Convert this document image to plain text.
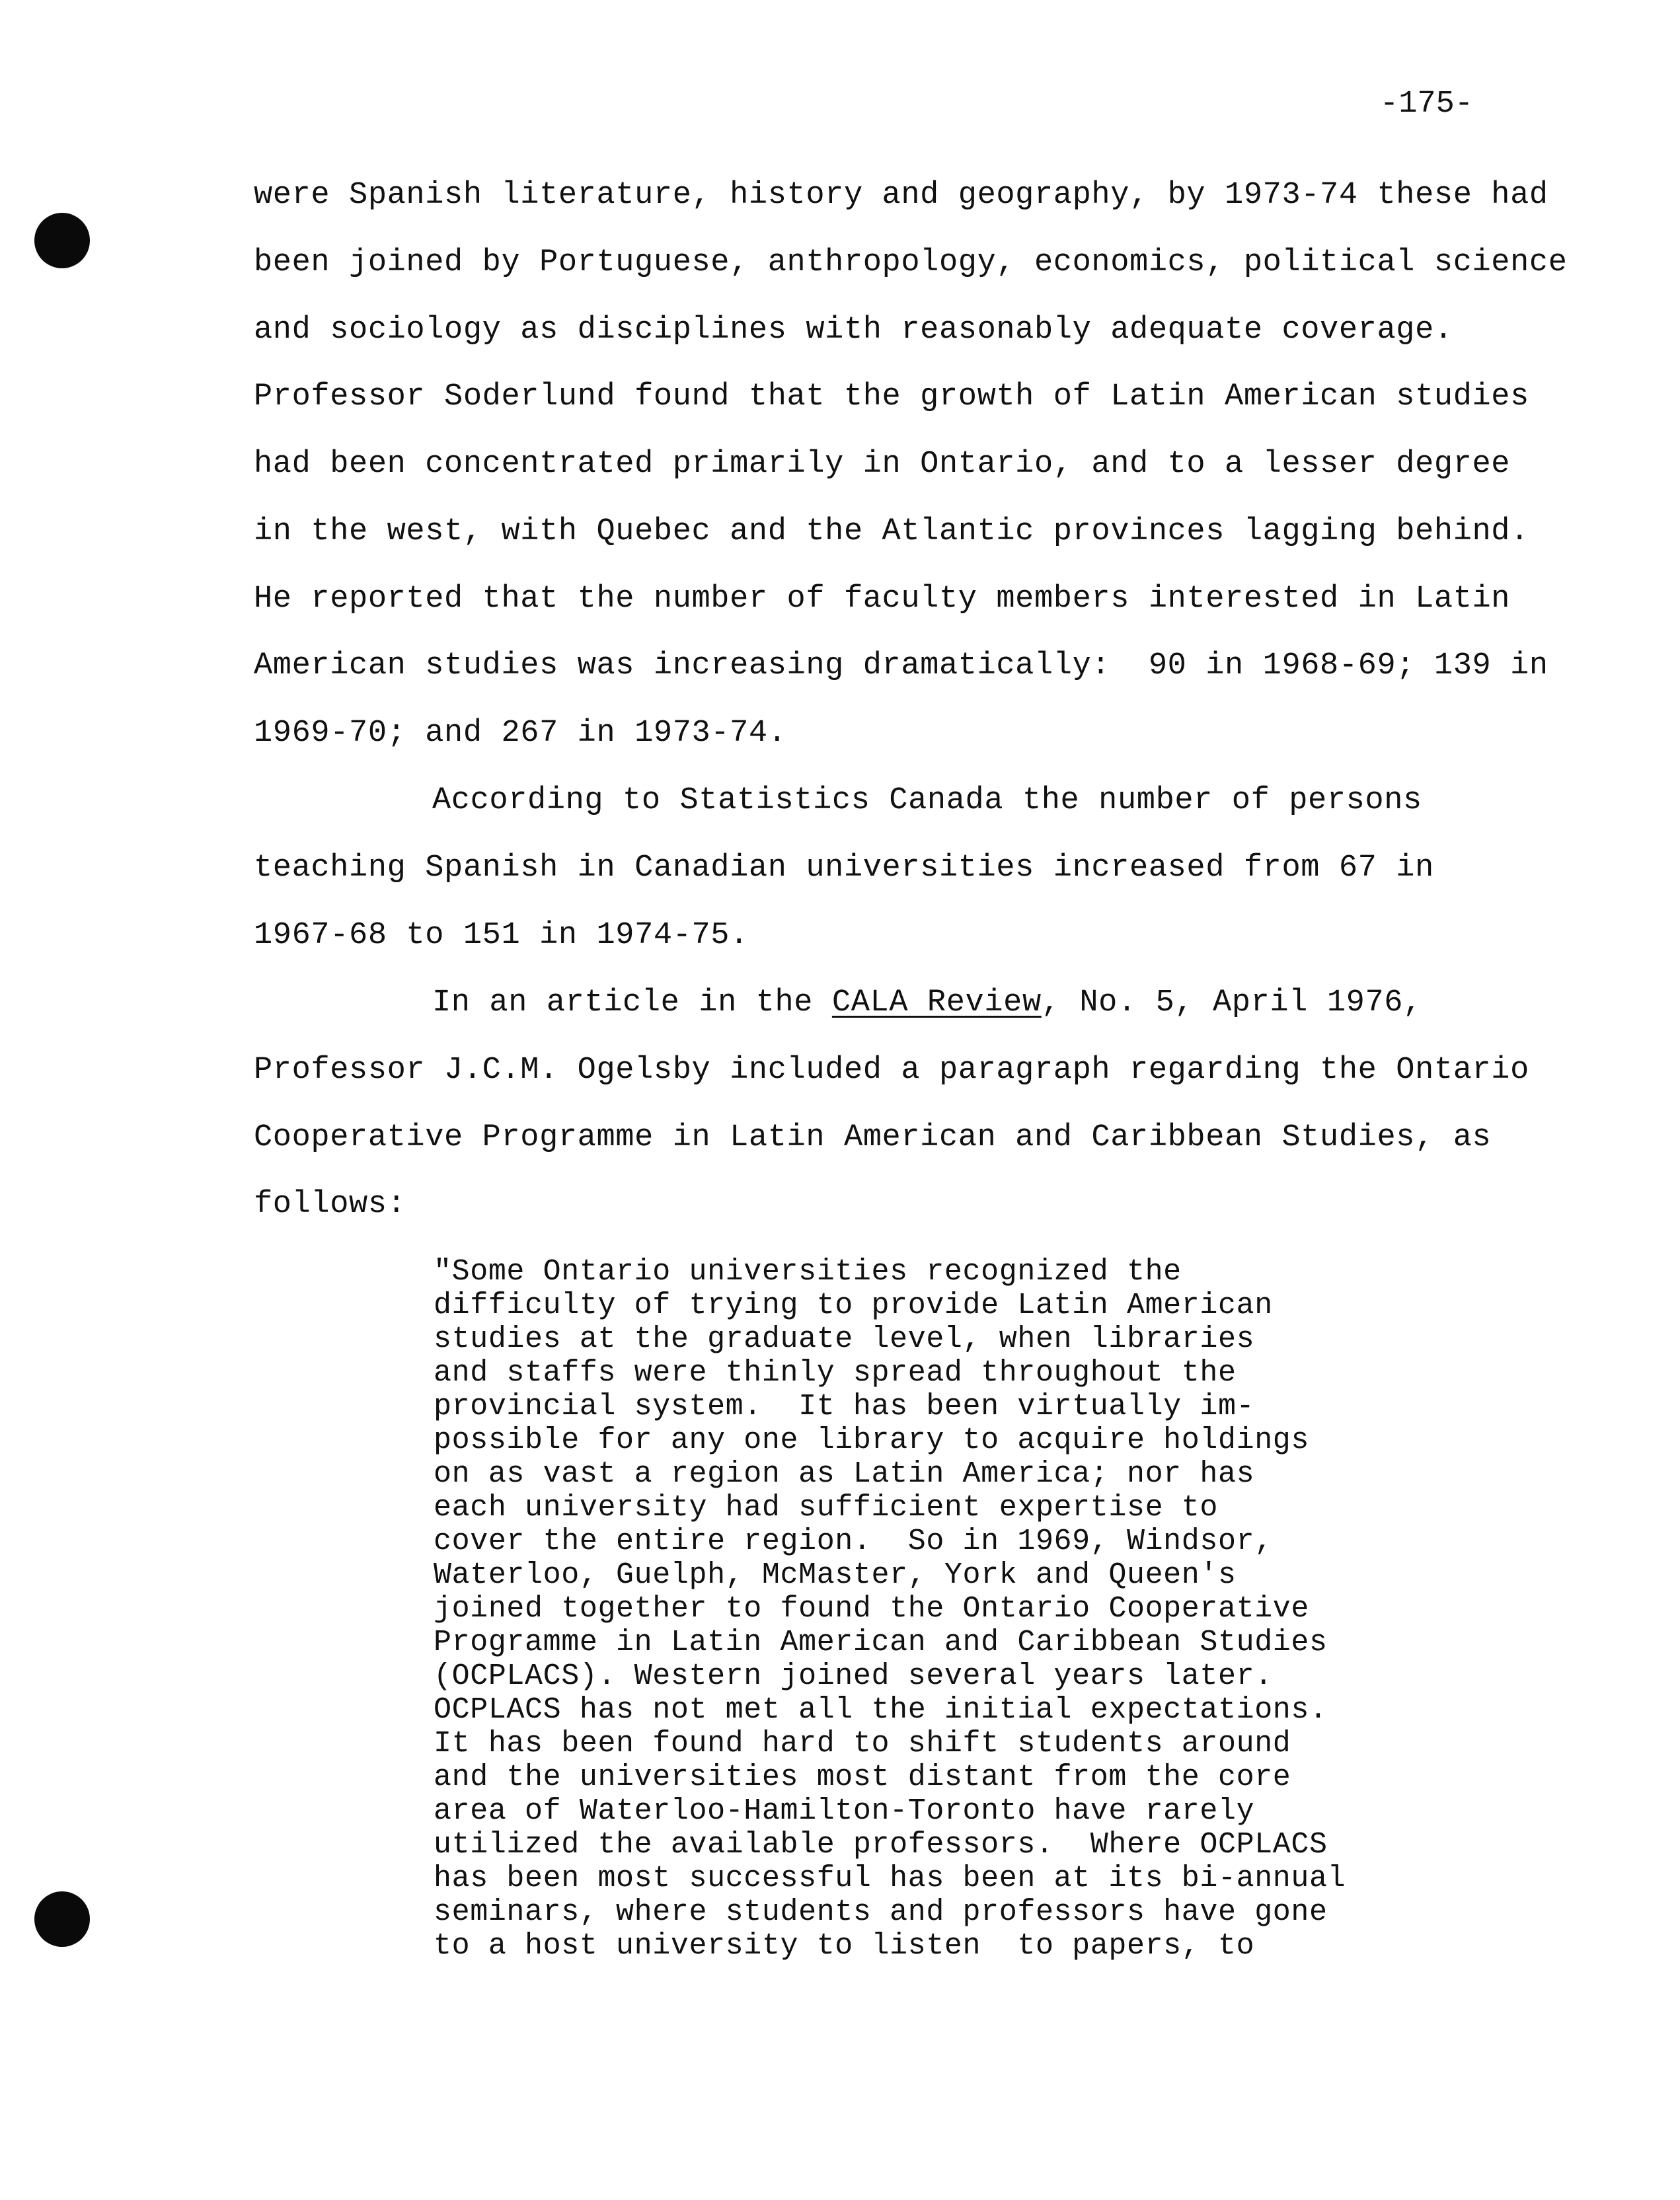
-175-
were Spanish literature, history and geography, by 1973-74 these had
been joined by Portuguese, anthropology, economics, political science
and sociology as disciplines with reasonably adequate coverage.
Professor Soderlund found that the growth of Latin American studies
had been concentrated primarily in Ontario, and to a lesser degree
in the west, with Quebec and the Atlantic provinces lagging behind.
He reported that the number of faculty members interested in Latin
American studies was increasing dramatically:  90 in 1968-69; 139 in
1969-70; and 267 in 1973-74.
According to Statistics Canada the number of persons
teaching Spanish in Canadian universities increased from 67 in
1967-68 to 151 in 1974-75.
In an article in the CALA Review, No. 5, April 1976,
Professor J.C.M. Ogelsby included a paragraph regarding the Ontario
Cooperative Programme in Latin American and Caribbean Studies, as
follows:
"Some Ontario universities recognized the
difficulty of trying to provide Latin American
studies at the graduate level, when libraries
and staffs were thinly spread throughout the
provincial system.  It has been virtually im-
possible for any one library to acquire holdings
on as vast a region as Latin America; nor has
each university had sufficient expertise to
cover the entire region.  So in 1969, Windsor,
Waterloo, Guelph, McMaster, York and Queen's
joined together to found the Ontario Cooperative
Programme in Latin American and Caribbean Studies
(OCPLACS). Western joined several years later.
OCPLACS has not met all the initial expectations.
It has been found hard to shift students around
and the universities most distant from the core
area of Waterloo-Hamilton-Toronto have rarely
utilized the available professors.  Where OCPLACS
has been most successful has been at its bi-annual
seminars, where students and professors have gone
to a host university to listen  to papers, to
